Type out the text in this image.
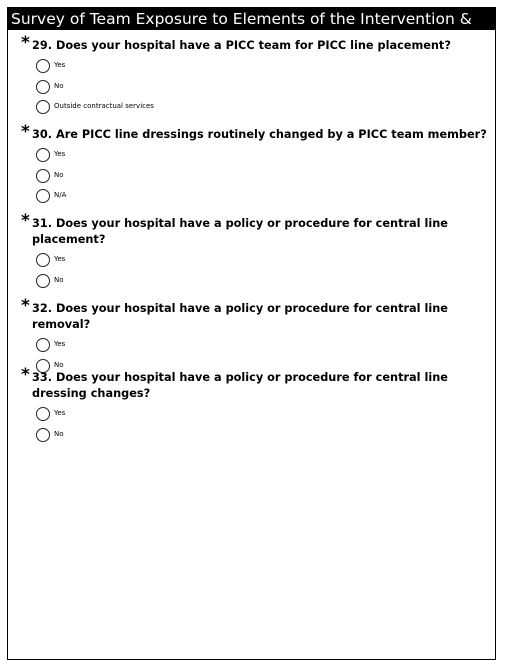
Survey of Team Exposure to Elements of the Intervention &
* 29. Does your hospital have a PICC team for PICC line placement?
Yes
No
Outside contractual services
* 30. Are PICC line dressings routinely changed by a PICC team member?
Yes
No
N/A
* 31. Does your hospital have a policy or procedure for central line placement?
Yes
No
* 32. Does your hospital have a policy or procedure for central line removal?
Yes
No
* 33. Does your hospital have a policy or procedure for central line dressing changes?
Yes
No
